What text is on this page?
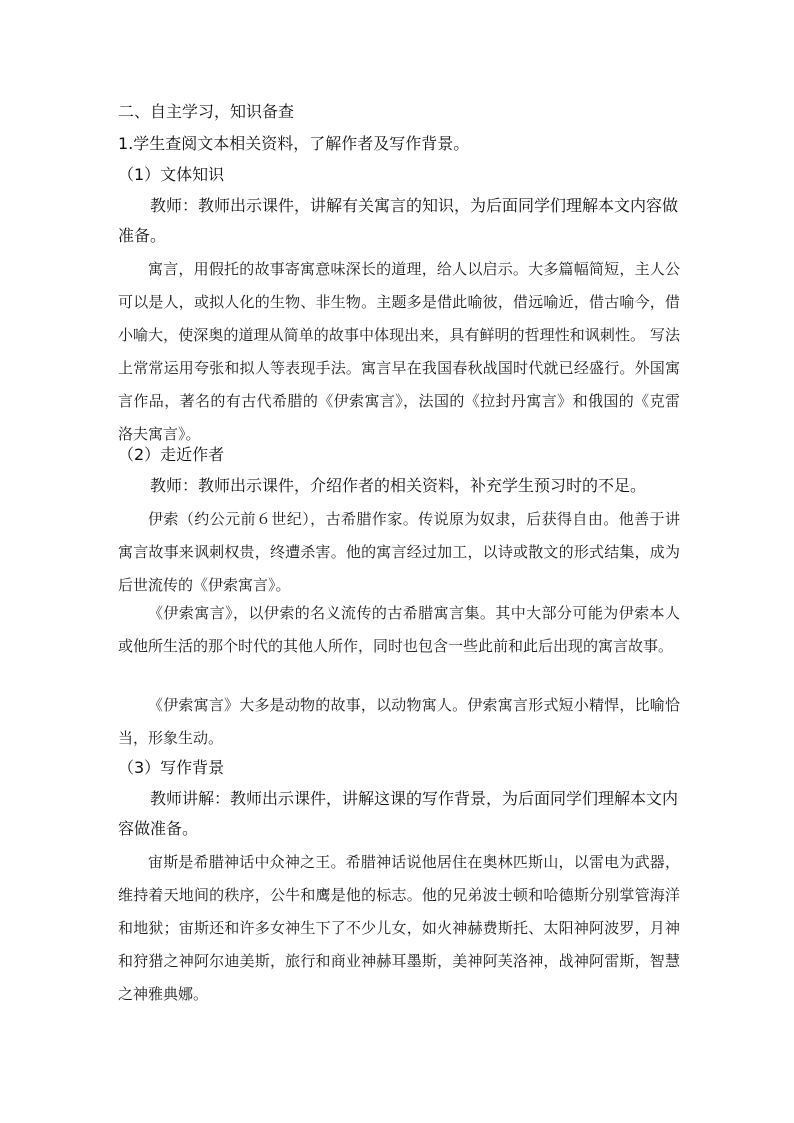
二、自主学习，知识备查

1.学生查阅文本相关资料，了解作者及写作背景。

（1）文体知识

教师：教师出示课件，讲解有关寓言的知识，为后面同学们理解本文内容做准备。

寓言，用假托的故事寄寓意味深长的道理，给人以启示。大多篇幅简短，主人公可以是人，或拟人化的生物、非生物。主题多是借此喻彼，借远喻近，借古喻今，借小喻大，使深奥的道理从简单的故事中体现出来，具有鲜明的哲理性和讽刺性。 写法上常常运用夸张和拟人等表现手法。寓言早在我国春秋战国时代就已经盛行。外国寓言作品，著名的有古代希腊的《伊索寓言》，法国的《拉封丹寓言》和俄国的《克雷洛夫寓言》。

（2）走近作者

教师：教师出示课件，介绍作者的相关资料，补充学生预习时的不足。

伊索（约公元前６世纪），古希腊作家。传说原为奴隶，后获得自由。他善于讲寓言故事来讽刺权贵，终遭杀害。他的寓言经过加工，以诗或散文的形式结集，成为后世流传的《伊索寓言》。

《伊索寓言》，以伊索的名义流传的古希腊寓言集。其中大部分可能为伊索本人或他所生活的那个时代的其他人所作，同时也包含一些此前和此后出现的寓言故事。

《伊索寓言》大多是动物的故事，以动物寓人。伊索寓言形式短小精悍，比喻恰当，形象生动。

（3）写作背景

教师讲解：教师出示课件，讲解这课的写作背景，为后面同学们理解本文内容做准备。

宙斯是希腊神话中众神之王。希腊神话说他居住在奥林匹斯山，以雷电为武器，维持着天地间的秩序，公牛和鹰是他的标志。他的兄弟波士顿和哈德斯分别掌管海洋和地狱；宙斯还和许多女神生下了不少儿女，如火神赫费斯托、太阳神阿波罗，月神和狩猎之神阿尔迪美斯，旅行和商业神赫耳墨斯，美神阿芙洛神，战神阿雷斯，智慧之神雅典娜。
